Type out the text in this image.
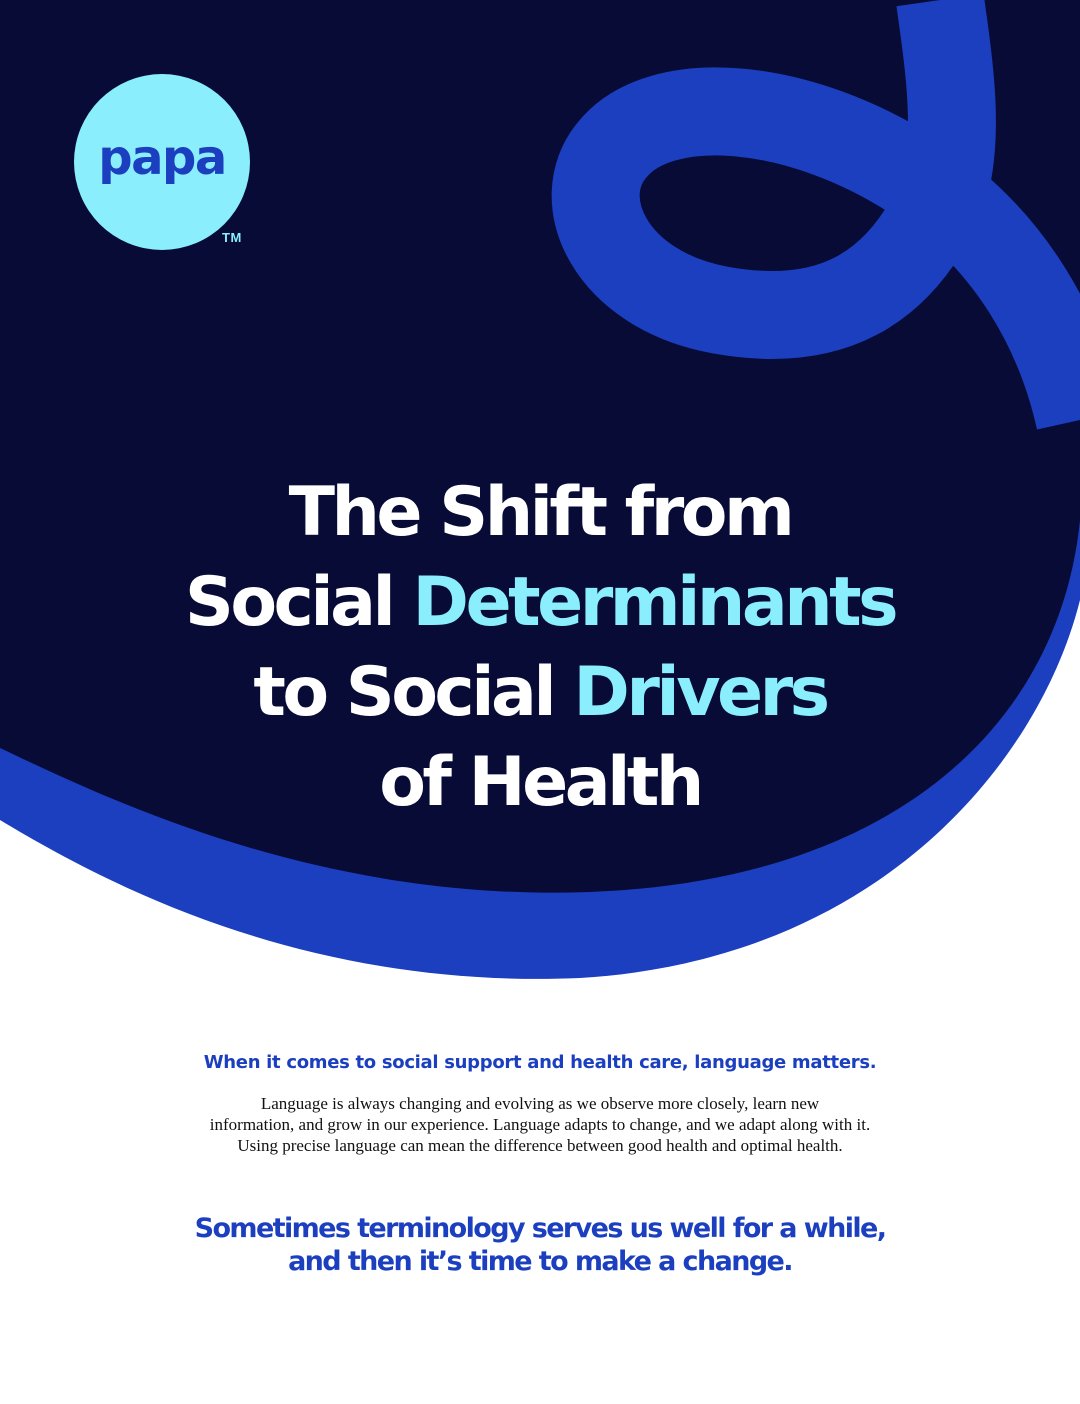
papa
TM
The Shift from
Social Determinants
to Social Drivers
of Health

When it comes to social support and health care, language matters.

Language is always changing and evolving as we observe more closely, learn new
information, and grow in our experience. Language adapts to change, and we adapt along with it.
Using precise language can mean the difference between good health and optimal health.

Sometimes terminology serves us well for a while,
and then it’s time to make a change.
